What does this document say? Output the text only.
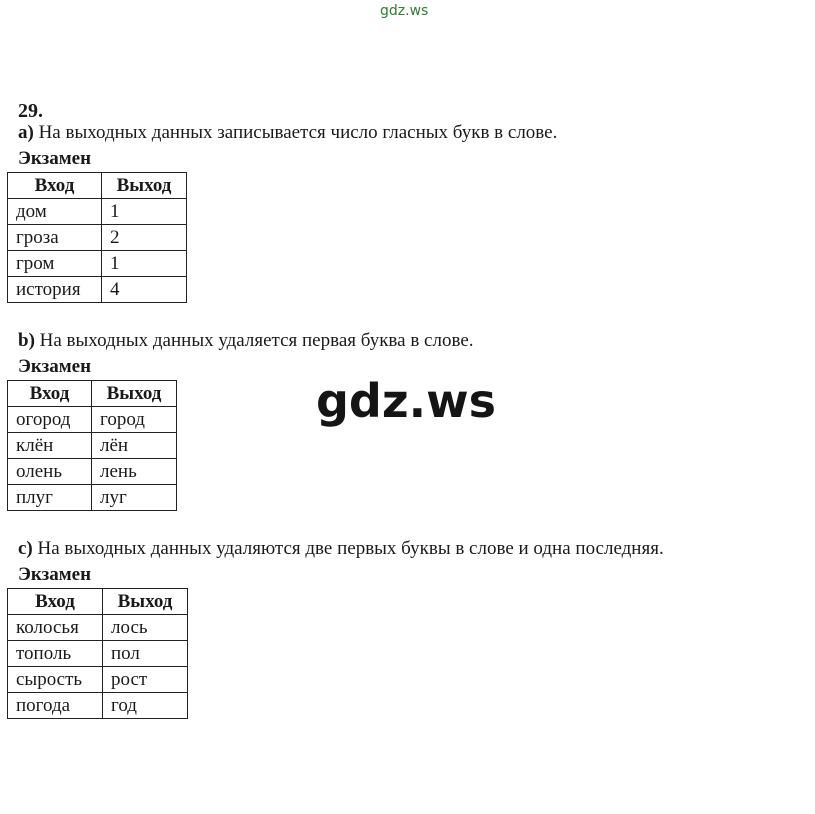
gdz.ws
gdz.ws
29.
a) На выходных данных записывается число гласных букв в слове.
Экзамен
Вход	Выход
дом	1
гроза	2
гром	1
история	4
b) На выходных данных удаляется первая буква в слове.
Экзамен
Вход	Выход
огород	город
клён	лён
олень	лень
плуг	луг
c) На выходных данных удаляются две первых буквы в слове и одна последняя.
Экзамен
Вход	Выход
колосья	лось
тополь	пол
сырость	рост
погода	год
